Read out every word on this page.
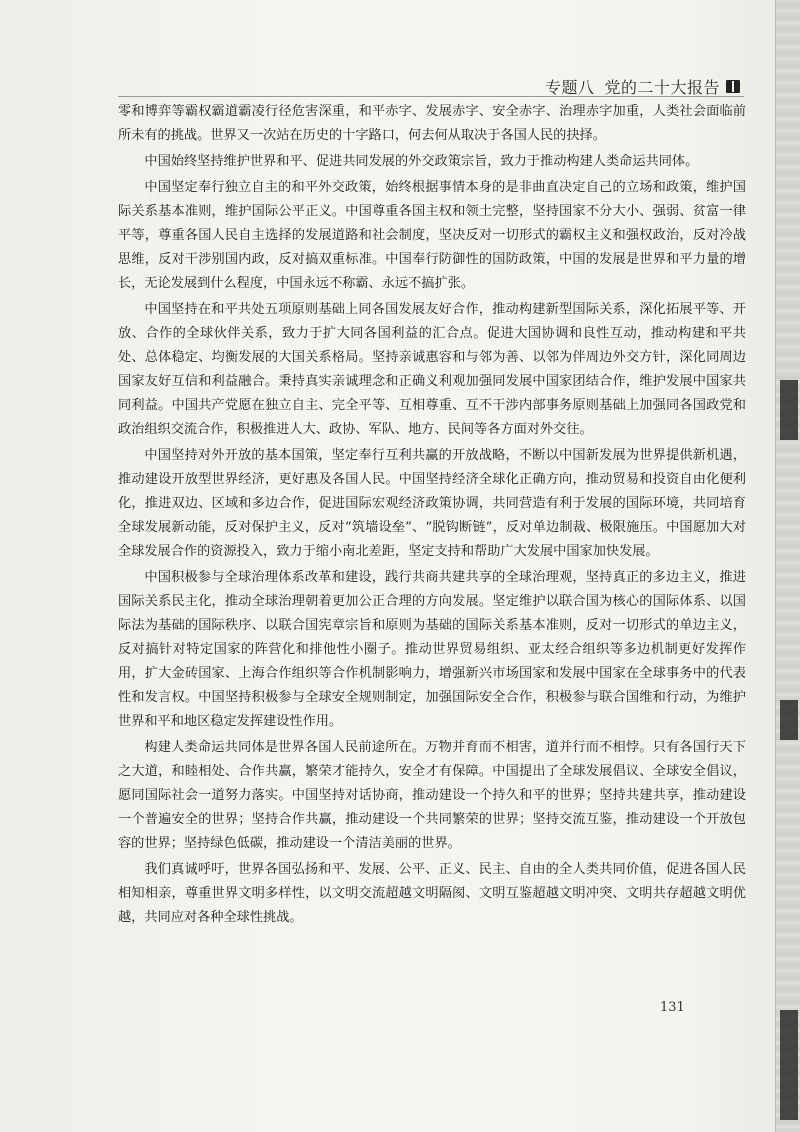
专题八 党的二十大报告

零和博弈等霸权霸道霸凌行径危害深重，和平赤字、发展赤字、安全赤字、治理赤字加重，人类社会面临前所未有的挑战。世界又一次站在历史的十字路口，何去何从取决于各国人民的抉择。

中国始终坚持维护世界和平、促进共同发展的外交政策宗旨，致力于推动构建人类命运共同体。

中国坚定奉行独立自主的和平外交政策，始终根据事情本身的是非曲直决定自己的立场和政策，维护国际关系基本准则，维护国际公平正义。中国尊重各国主权和领土完整，坚持国家不分大小、强弱、贫富一律平等，尊重各国人民自主选择的发展道路和社会制度，坚决反对一切形式的霸权主义和强权政治，反对冷战思维，反对干涉别国内政，反对搞双重标准。中国奉行防御性的国防政策，中国的发展是世界和平力量的增长，无论发展到什么程度，中国永远不称霸、永远不搞扩张。

中国坚持在和平共处五项原则基础上同各国发展友好合作，推动构建新型国际关系，深化拓展平等、开放、合作的全球伙伴关系，致力于扩大同各国利益的汇合点。促进大国协调和良性互动，推动构建和平共处、总体稳定、均衡发展的大国关系格局。坚持亲诚惠容和与邻为善、以邻为伴周边外交方针，深化同周边国家友好互信和利益融合。秉持真实亲诚理念和正确义利观加强同发展中国家团结合作，维护发展中国家共同利益。中国共产党愿在独立自主、完全平等、互相尊重、互不干涉内部事务原则基础上加强同各国政党和政治组织交流合作，积极推进人大、政协、军队、地方、民间等各方面对外交往。

中国坚持对外开放的基本国策，坚定奉行互利共赢的开放战略，不断以中国新发展为世界提供新机遇，推动建设开放型世界经济，更好惠及各国人民。中国坚持经济全球化正确方向，推动贸易和投资自由化便利化，推进双边、区域和多边合作，促进国际宏观经济政策协调，共同营造有利于发展的国际环境，共同培育全球发展新动能，反对保护主义，反对“筑墙设垒”、“脱钩断链”，反对单边制裁、极限施压。中国愿加大对全球发展合作的资源投入，致力于缩小南北差距，坚定支持和帮助广大发展中国家加快发展。

中国积极参与全球治理体系改革和建设，践行共商共建共享的全球治理观，坚持真正的多边主义，推进国际关系民主化，推动全球治理朝着更加公正合理的方向发展。坚定维护以联合国为核心的国际体系、以国际法为基础的国际秩序、以联合国宪章宗旨和原则为基础的国际关系基本准则，反对一切形式的单边主义，反对搞针对特定国家的阵营化和排他性小圈子。推动世界贸易组织、亚太经合组织等多边机制更好发挥作用，扩大金砖国家、上海合作组织等合作机制影响力，增强新兴市场国家和发展中国家在全球事务中的代表性和发言权。中国坚持积极参与全球安全规则制定，加强国际安全合作，积极参与联合国维和行动，为维护世界和平和地区稳定发挥建设性作用。

构建人类命运共同体是世界各国人民前途所在。万物并育而不相害，道并行而不相悖。只有各国行天下之大道，和睦相处、合作共赢，繁荣才能持久，安全才有保障。中国提出了全球发展倡议、全球安全倡议，愿同国际社会一道努力落实。中国坚持对话协商，推动建设一个持久和平的世界；坚持共建共享，推动建设一个普遍安全的世界；坚持合作共赢，推动建设一个共同繁荣的世界；坚持交流互鉴，推动建设一个开放包容的世界；坚持绿色低碳，推动建设一个清洁美丽的世界。

我们真诚呼吁，世界各国弘扬和平、发展、公平、正义、民主、自由的全人类共同价值，促进各国人民相知相亲，尊重世界文明多样性，以文明交流超越文明隔阂、文明互鉴超越文明冲突、文明共存超越文明优越，共同应对各种全球性挑战。

131
